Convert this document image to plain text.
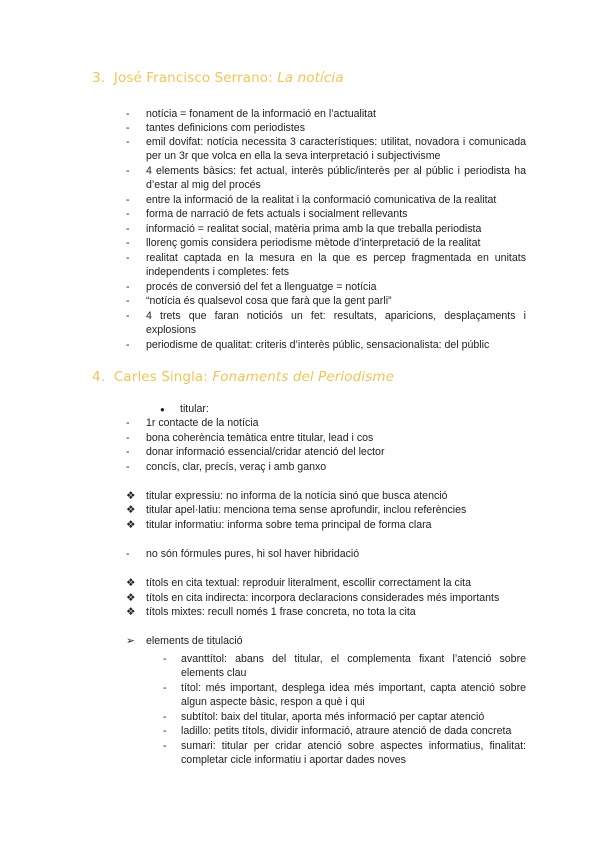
3. José Francisco Serrano: La notícia
- notícia = fonament de la informació en l’actualitat
- tantes definicions com periodistes
- emil dovifat: notícia necessita 3 característiques: utilitat, novadora i comunicada per un 3r que volca en ella la seva interpretació i subjectivisme
- 4 elements bàsics: fet actual, interès públic/interès per al públic i periodista ha d’estar al mig del procés
- entre la informació de la realitat i la conformació comunicativa de la realitat
- forma de narració de fets actuals i socialment rellevants
- informació = realitat social, matèria prima amb la que treballa periodista
- llorenç gomis considera periodisme mètode d’interpretació de la realitat
- realitat captada en la mesura en la que es percep fragmentada en unitats independents i completes: fets
- procés de conversió del fet a llenguatge = notícia
- “notícia és qualsevol cosa que farà que la gent parli”
- 4 trets que faran noticiós un fet: resultats, aparicions, desplaçaments i explosions
- periodisme de qualitat: criteris d’interès públic, sensacionalista: del públic
4. Carles Singla: Fonaments del Periodisme
● titular:
- 1r contacte de la notícia
- bona coherència temàtica entre titular, lead i cos
- donar informació essencial/cridar atenció del lector
- concís, clar, precís, veraç i amb ganxo
❖ titular expressiu: no informa de la notícia sinó que busca atenció
❖ titular apel·latiu: menciona tema sense aprofundir, inclou referències
❖ titular informatiu: informa sobre tema principal de forma clara
- no són fórmules pures, hi sol haver hibridació
❖ títols en cita textual: reproduir literalment, escollir correctament la cita
❖ títols en cita indirecta: incorpora declaracions considerades més importants
❖ títols mixtes: recull només 1 frase concreta, no tota la cita
➢ elements de titulació
- avanttítol: abans del titular, el complementa fixant l’atenció sobre elements clau
- títol: més important, desplega idea més important, capta atenció sobre algun aspecte bàsic, respon a què i qui
- subtítol: baix del titular, aporta més informació per captar atenció
- ladillo: petits títols, dividir informació, atraure atenció de dada concreta
- sumari: titular per cridar atenció sobre aspectes informatius, finalitat: completar cicle informatiu i aportar dades noves
